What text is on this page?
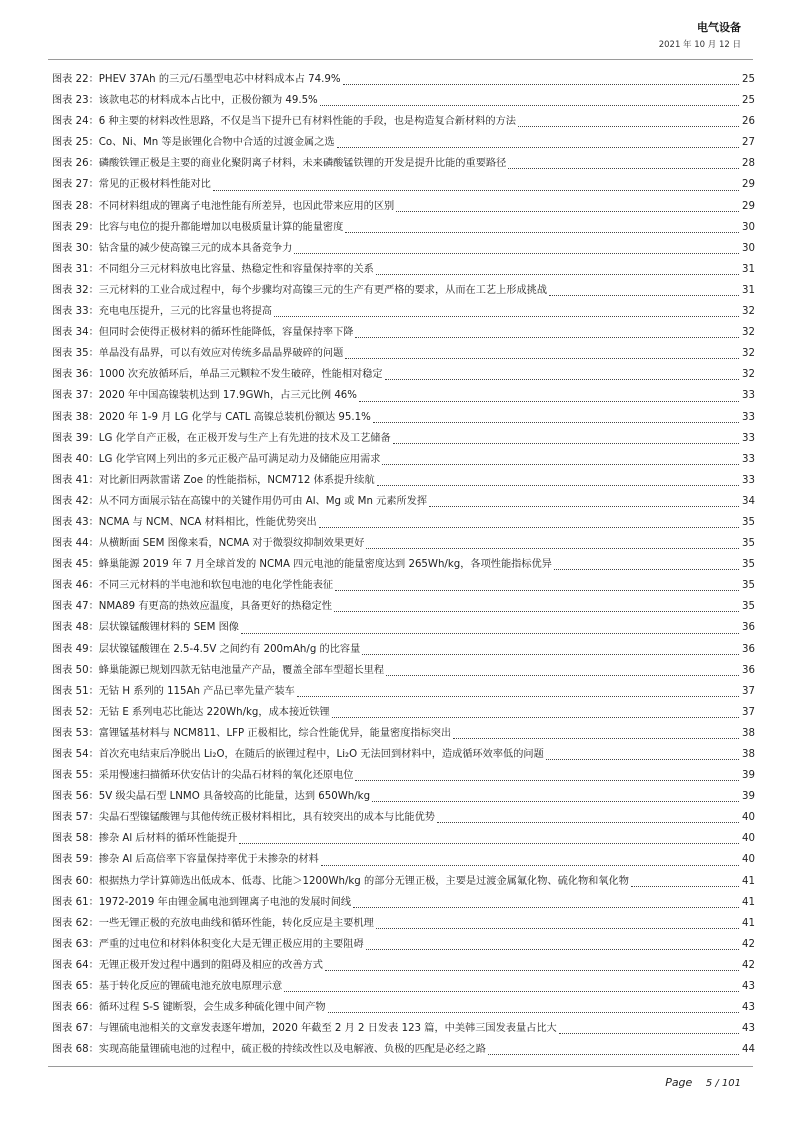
电气设备
2021 年 10 月 12 日
图表 22： PHEV 37Ah 的三元/石墨型电芯中材料成本占 74.9%	25
图表 23： 该款电芯的材料成本占比中，正极份额为 49.5%	25
图表 24： 6 种主要的材料改性思路，不仅是当下提升已有材料性能的手段，也是构造复合新材料的方法	26
图表 25： Co、Ni、Mn 等是嵌锂化合物中合适的过渡金属之选	27
图表 26： 磷酸铁锂正极是主要的商业化聚阴离子材料，未来磷酸锰铁锂的开发是提升比能的重要路径	28
图表 27： 常见的正极材料性能对比	29
图表 28： 不同材料组成的锂离子电池性能有所差异，也因此带来应用的区别	29
图表 29： 比容与电位的提升都能增加以电极质量计算的能量密度	30
图表 30： 钴含量的减少使高镍三元的成本具备竞争力	30
图表 31： 不同组分三元材料放电比容量、热稳定性和容量保持率的关系	31
图表 32： 三元材料的工业合成过程中，每个步骤均对高镍三元的生产有更严格的要求，从而在工艺上形成挑战	31
图表 33： 充电电压提升，三元的比容量也将提高	32
图表 34： 但同时会使得正极材料的循环性能降低，容量保持率下降	32
图表 35： 单晶没有晶界，可以有效应对传统多晶晶界破碎的问题	32
图表 36： 1000 次充放循环后，单晶三元颗粒不发生破碎，性能相对稳定	32
图表 37： 2020 年中国高镍装机达到 17.9GWh，占三元比例 46%	33
图表 38： 2020 年 1-9 月 LG 化学与 CATL 高镍总装机份额达 95.1%	33
图表 39： LG 化学自产正极，在正极开发与生产上有先进的技术及工艺储备	33
图表 40： LG 化学官网上列出的多元正极产品可满足动力及储能应用需求	33
图表 41： 对比新旧两款雷诺 Zoe 的性能指标，NCM712 体系提升续航	33
图表 42： 从不同方面展示钴在高镍中的关键作用仍可由 Al、Mg 或 Mn 元素所发挥	34
图表 43： NCMA 与 NCM、NCA 材料相比，性能优势突出	35
图表 44： 从横断面 SEM 图像来看，NCMA 对于微裂纹抑制效果更好	35
图表 45： 蜂巢能源 2019 年 7 月全球首发的 NCMA 四元电池的能量密度达到 265Wh/kg，各项性能指标优异	35
图表 46： 不同三元材料的半电池和软包电池的电化学性能表征	35
图表 47： NMA89 有更高的热效应温度，具备更好的热稳定性	35
图表 48： 层状镍锰酸锂材料的 SEM 图像	36
图表 49： 层状镍锰酸锂在 2.5-4.5V 之间约有 200mAh/g 的比容量	36
图表 50： 蜂巢能源已规划四款无钴电池量产产品，覆盖全部车型超长里程	36
图表 51： 无钴 H 系列的 115Ah 产品已率先量产装车	37
图表 52： 无钴 E 系列电芯比能达 220Wh/kg，成本接近铁锂	37
图表 53： 富锂锰基材料与 NCM811、LFP 正极相比，综合性能优异，能量密度指标突出	38
图表 54： 首次充电结束后净脱出 Li₂O，在随后的嵌锂过程中，Li₂O 无法回到材料中，造成循环效率低的问题	38
图表 55： 采用慢速扫描循环伏安估计的尖晶石材料的氧化还原电位	39
图表 56： 5V 级尖晶石型 LNMO 具备较高的比能量，达到 650Wh/kg	39
图表 57： 尖晶石型镍锰酸锂与其他传统正极材料相比，具有较突出的成本与比能优势	40
图表 58： 掺杂 Al 后材料的循环性能提升	40
图表 59： 掺杂 Al 后高倍率下容量保持率优于未掺杂的材料	40
图表 60： 根据热力学计算筛选出低成本、低毒、比能＞1200Wh/kg 的部分无锂正极，主要是过渡金属氟化物、硫化物和氧化物	41
图表 61： 1972-2019 年由锂金属电池到锂离子电池的发展时间线	41
图表 62： 一些无锂正极的充放电曲线和循环性能，转化反应是主要机理	41
图表 63： 严重的过电位和材料体积变化大是无锂正极应用的主要阻碍	42
图表 64： 无锂正极开发过程中遇到的阻碍及相应的改善方式	42
图表 65： 基于转化反应的锂硫电池充放电原理示意	43
图表 66： 循环过程 S-S 键断裂，会生成多种硫化锂中间产物	43
图表 67： 与锂硫电池相关的文章发表逐年增加，2020 年截至 2 月 2 日发表 123 篇，中美韩三国发表量占比大	43
图表 68： 实现高能量锂硫电池的过程中，硫正极的持续改性以及电解液、负极的匹配是必经之路	44
Page 5 / 101
